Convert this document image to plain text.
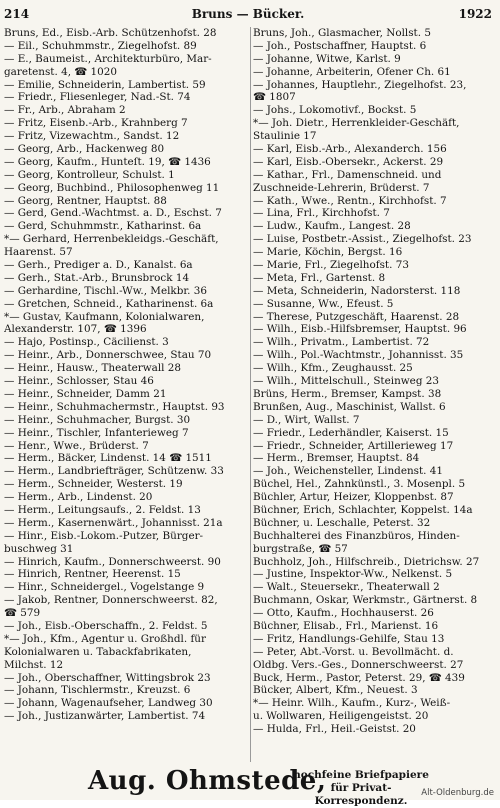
214	Bruns — Bücker.	1922
Bruns, Ed., Eisb.-Arb. Schützenhofst. 28
— Eil., Schuhmmstr., Ziegelhofst. 89
— E., Baumeist., Architekturbüro, Mar-
garetenst. 4, ☎ 1020
— Emilie, Schneiderin, Lambertist. 59
— Friedr., Fliesenleger, Nad.-St. 74
— Fr., Arb., Abraham 2
— Fritz, Eisenb.-Arb., Krahnberg 7
— Fritz, Vizewachtm., Sandst. 12
— Georg, Arb., Hackenweg 80
— Georg, Kaufm., Hunteſt. 19, ☎ 1436
— Georg, Kontrolleur, Schulst. 1
— Georg, Buchbind., Philosophenweg 11
— Georg, Rentner, Hauptst. 88
— Gerd, Gend.-Wachtmst. a. D., Eschst. 7
— Gerd, Schuhmmstr., Katharinst. 6a
*— Gerhard, Herrenbekleidgs.-Geschäft,
Haarenst. 57
— Gerh., Prediger a. D., Kanalst. 6a
— Gerh., Stat.-Arb., Brunsbrock 14
— Gerhardine, Tischl.-Ww., Melkbr. 36
— Gretchen, Schneid., Katharinenst. 6a
*— Gustav, Kaufmann, Kolonialwaren,
Alexanderstr. 107, ☎ 1396
— Hajo, Postinsp., Cäcilienst. 3
— Heinr., Arb., Donnerschwee, Stau 70
— Heinr., Hausw., Theaterwall 28
— Heinr., Schlosser, Stau 46
— Heinr., Schneider, Damm 21
— Heinr., Schuhmachermstr., Hauptst. 93
— Heinr., Schuhmacher, Burgst. 30
— Heinr., Tischler, Infanterieweg 7
— Henr., Wwe., Brüderst. 7
— Herm., Bäcker, Lindenst. 14 ☎ 1511
— Herm., Landbriefträger, Schützenw. 33
— Herm., Schneider, Westerst. 19
— Herm., Arb., Lindenst. 20
— Herm., Leitungsaufs., 2. Feldst. 13
— Herm., Kasernenwärt., Johannisst. 21a
— Hinr., Eisb.-Lokom.-Putzer, Bürger-
buschweg 31
— Hinrich, Kaufm., Donnerschweerst. 90
— Hinrich, Rentner, Heerenst. 15
— Hinr., Schneidergel., Vogelstange 9
— Jakob, Rentner, Donnerschweerst. 82,
☎ 579
— Joh., Eisb.-Oberschaffn., 2. Feldst. 5
*— Joh., Kfm., Agentur u. Großhdl. für
Kolonialwaren u. Tabackfabrikaten,
Milchst. 12
— Joh., Oberschaffner, Wittingsbrok 23
— Johann, Tischlermstr., Kreuzst. 6
— Johann, Wagenaufseher, Landweg 30
— Joh., Justizanwärter, Lambertist. 74
Bruns, Joh., Glasmacher, Nollst. 5
— Joh., Postschaffner, Hauptst. 6
— Johanne, Witwe, Karlst. 9
— Johanne, Arbeiterin, Ofener Ch. 61
— Johannes, Hauptlehr., Ziegelhofst. 23,
☎ 1807
— Johs., Lokomotivf., Bockst. 5
*— Joh. Dietr., Herrenkleider-Geschäft,
Staulinie 17
— Karl, Eisb.-Arb., Alexanderch. 156
— Karl, Eisb.-Obersekr., Ackerst. 29
— Kathar., Frl., Damenschneid. und
Zuschneide-Lehrerin, Brüderst. 7
— Kath., Wwe., Rentn., Kirchhofst. 7
— Lina, Frl., Kirchhofst. 7
— Ludw., Kaufm., Langest. 28
— Luise, Postbetr.-Assist., Ziegelhofst. 23
— Marie, Köchin, Bergst. 16
— Marie, Frl., Ziegelhofst. 73
— Meta, Frl., Gartenst. 8
— Meta, Schneiderin, Nadorsterst. 118
— Susanne, Ww., Efeust. 5
— Therese, Putzgeschäft, Haarenst. 28
— Wilh., Eisb.-Hilfsbremser, Hauptst. 96
— Wilh., Privatm., Lambertist. 72
— Wilh., Pol.-Wachtmstr., Johannisst. 35
— Wilh., Kfm., Zeughausst. 25
— Wilh., Mittelschull., Steinweg 23
Brüns, Herm., Bremser, Kampst. 38
Brunßen, Aug., Maschinist, Wallst. 6
— D., Wirt, Wallst. 7
— Friedr., Lederhändler, Kaiserst. 15
— Friedr., Schneider, Artillerieweg 17
— Herm., Bremser, Hauptst. 84
— Joh., Weichensteller, Lindenst. 41
Büchel, Hel., Zahnkünstl., 3. Mosenpl. 5
Büchler, Artur, Heizer, Kloppenbst. 87
Büchner, Erich, Schlachter, Koppelst. 14a
Büchner, u. Leschalle, Peterst. 32
Buchhalterei des Finanzbüros, Hinden-
burgstraße, ☎ 57
Buchholz, Joh., Hilfschreib., Dietrichsw. 27
— Justine, Inspektor-Ww., Nelkenst. 5
— Walt., Steuersekr., Theaterwall 2
Buchmann, Oskar, Werkmstr., Gärtnerst. 8
— Otto, Kaufm., Hochhauserst. 26
Büchner, Elisab., Frl., Marienst. 16
— Fritz, Handlungs-Gehilfe, Stau 13
— Peter, Abt.-Vorst. u. Bevollmächt. d.
Oldbg. Vers.-Ges., Donnerschweerst. 27
Buck, Herm., Pastor, Peterst. 29, ☎ 439
Bücker, Albert, Kfm., Neuest. 3
*— Heinr. Wilh., Kaufm., Kurz-, Weiß-
u. Wollwaren, Heiligengeistst. 20
— Hulda, Frl., Heil.-Geistst. 20
Aug. Ohmstede,
hochfeine Briefpapiere
für Privat-Korrespondenz.
Alt-Oldenburg.de
